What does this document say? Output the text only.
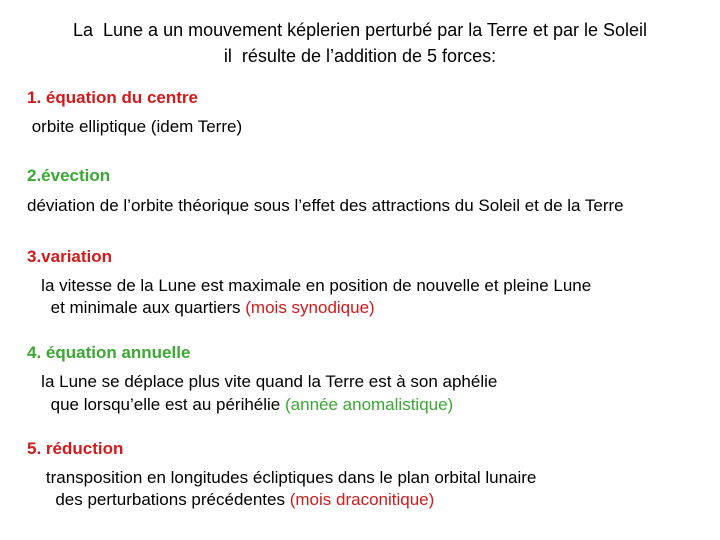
La  Lune a un mouvement képlerien perturbé par la Terre et par le Soleil
il  résulte de l’addition de 5 forces:
1. équation du centre
orbite elliptique (idem Terre)
2.évection
déviation de l’orbite théorique sous l’effet des attractions du Soleil et de la Terre
3.variation
la vitesse de la Lune est maximale en position de nouvelle et pleine Lune
et minimale aux quartiers (mois synodique)
4. équation annuelle
la Lune se déplace plus vite quand la Terre est à son aphélie
que lorsqu’elle est au périhélie (année anomalistique)
5. réduction
transposition en longitudes écliptiques dans le plan orbital lunaire
des perturbations précédentes (mois draconitique)
